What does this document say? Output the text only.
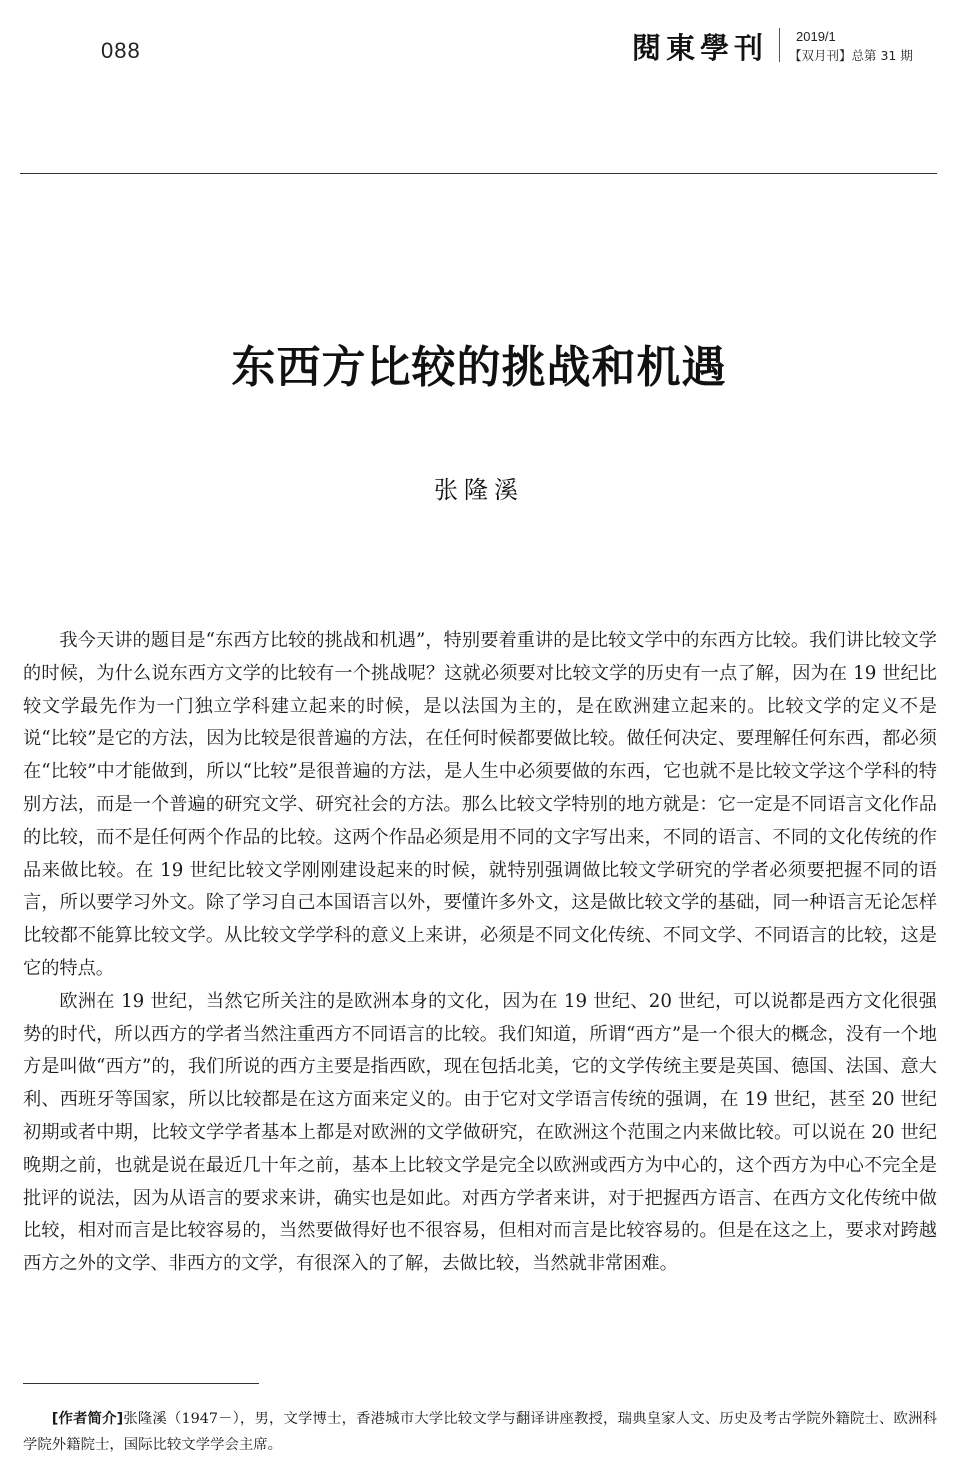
088	閱東學刊 2019/1
【双月刊】总第 31 期
东西方比较的挑战和机遇
张隆溪

我今天讲的题目是“东西方比较的挑战和机遇”，特别要着重讲的是比较文学中的东西方比较。我们讲比较文学的时候，为什么说东西方文学的比较有一个挑战呢？这就必须要对比较文学的历史有一点了解，因为在 19 世纪比较文学最先作为一门独立学科建立起来的时候，是以法国为主的，是在欧洲建立起来的。比较文学的定义不是说“比较”是它的方法，因为比较是很普遍的方法，在任何时候都要做比较。做任何决定、要理解任何东西，都必须在“比较”中才能做到，所以“比较”是很普遍的方法，是人生中必须要做的东西，它也就不是比较文学这个学科的特别方法，而是一个普遍的研究文学、研究社会的方法。那么比较文学特别的地方就是：它一定是不同语言文化作品的比较，而不是任何两个作品的比较。这两个作品必须是用不同的文字写出来，不同的语言、不同的文化传统的作品来做比较。在 19 世纪比较文学刚刚建设起来的时候，就特别强调做比较文学研究的学者必须要把握不同的语言，所以要学习外文。除了学习自己本国语言以外，要懂许多外文，这是做比较文学的基础，同一种语言无论怎样比较都不能算比较文学。从比较文学学科的意义上来讲，必须是不同文化传统、不同文学、不同语言的比较，这是它的特点。

欧洲在 19 世纪，当然它所关注的是欧洲本身的文化，因为在 19 世纪、20 世纪，可以说都是西方文化很强势的时代，所以西方的学者当然注重西方不同语言的比较。我们知道，所谓“西方”是一个很大的概念，没有一个地方是叫做“西方”的，我们所说的西方主要是指西欧，现在包括北美，它的文学传统主要是英国、德国、法国、意大利、西班牙等国家，所以比较都是在这方面来定义的。由于它对文学语言传统的强调，在 19 世纪，甚至 20 世纪初期或者中期，比较文学学者基本上都是对欧洲的文学做研究，在欧洲这个范围之内来做比较。可以说在 20 世纪晚期之前，也就是说在最近几十年之前，基本上比较文学是完全以欧洲或西方为中心的，这个西方为中心不完全是批评的说法，因为从语言的要求来讲，确实也是如此。对西方学者来讲，对于把握西方语言、在西方文化传统中做比较，相对而言是比较容易的，当然要做得好也不很容易，但相对而言是比较容易的。但是在这之上，要求对跨越西方之外的文学、非西方的文学，有很深入的了解，去做比较，当然就非常困难。

[作者简介]张隆溪（1947－），男，文学博士，香港城市大学比较文学与翻译讲座教授，瑞典皇家人文、历史及考古学院外籍院士、欧洲科学院外籍院士，国际比较文学学会主席。
